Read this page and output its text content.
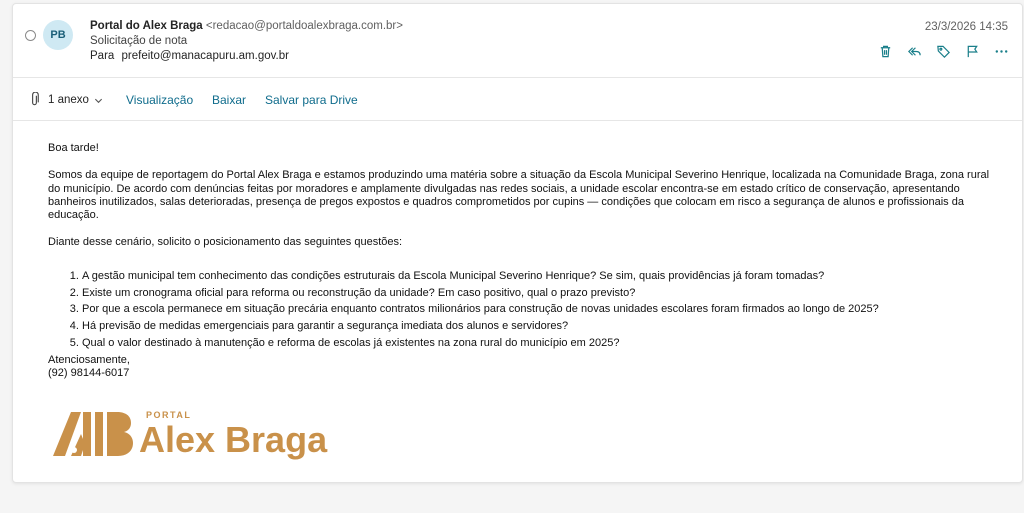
PB
Portal do Alex Braga <redacao@portaldoalexbraga.com.br>
Solicitação de nota
Para prefeito@manacapuru.am.gov.br
23/3/2026 14:35
1 anexo	Visualização Baixar Salvar para Drive

Boa tarde!

Somos da equipe de reportagem do Portal Alex Braga e estamos produzindo uma matéria sobre a situação da Escola Municipal Severino Henrique, localizada na Comunidade Braga, zona rural do município. De acordo com denúncias feitas por moradores e amplamente divulgadas nas redes sociais, a unidade escolar encontra-se em estado crítico de conservação, apresentando banheiros inutilizados, salas deterioradas, presença de pregos expostos e quadros comprometidos por cupins — condições que colocam em risco a segurança de alunos e profissionais da educação.

Diante desse cenário, solicito o posicionamento das seguintes questões:

1. A gestão municipal tem conhecimento das condições estruturais da Escola Municipal Severino Henrique? Se sim, quais providências já foram tomadas?
2. Existe um cronograma oficial para reforma ou reconstrução da unidade? Em caso positivo, qual o prazo previsto?
3. Por que a escola permanece em situação precária enquanto contratos milionários para construção de novas unidades escolares foram firmados ao longo de 2025?
4. Há previsão de medidas emergenciais para garantir a segurança imediata dos alunos e servidores?
5. Qual o valor destinado à manutenção e reforma de escolas já existentes na zona rural do município em 2025?

Atenciosamente,

(92) 98144-6017

PORTAL
Alex Braga
